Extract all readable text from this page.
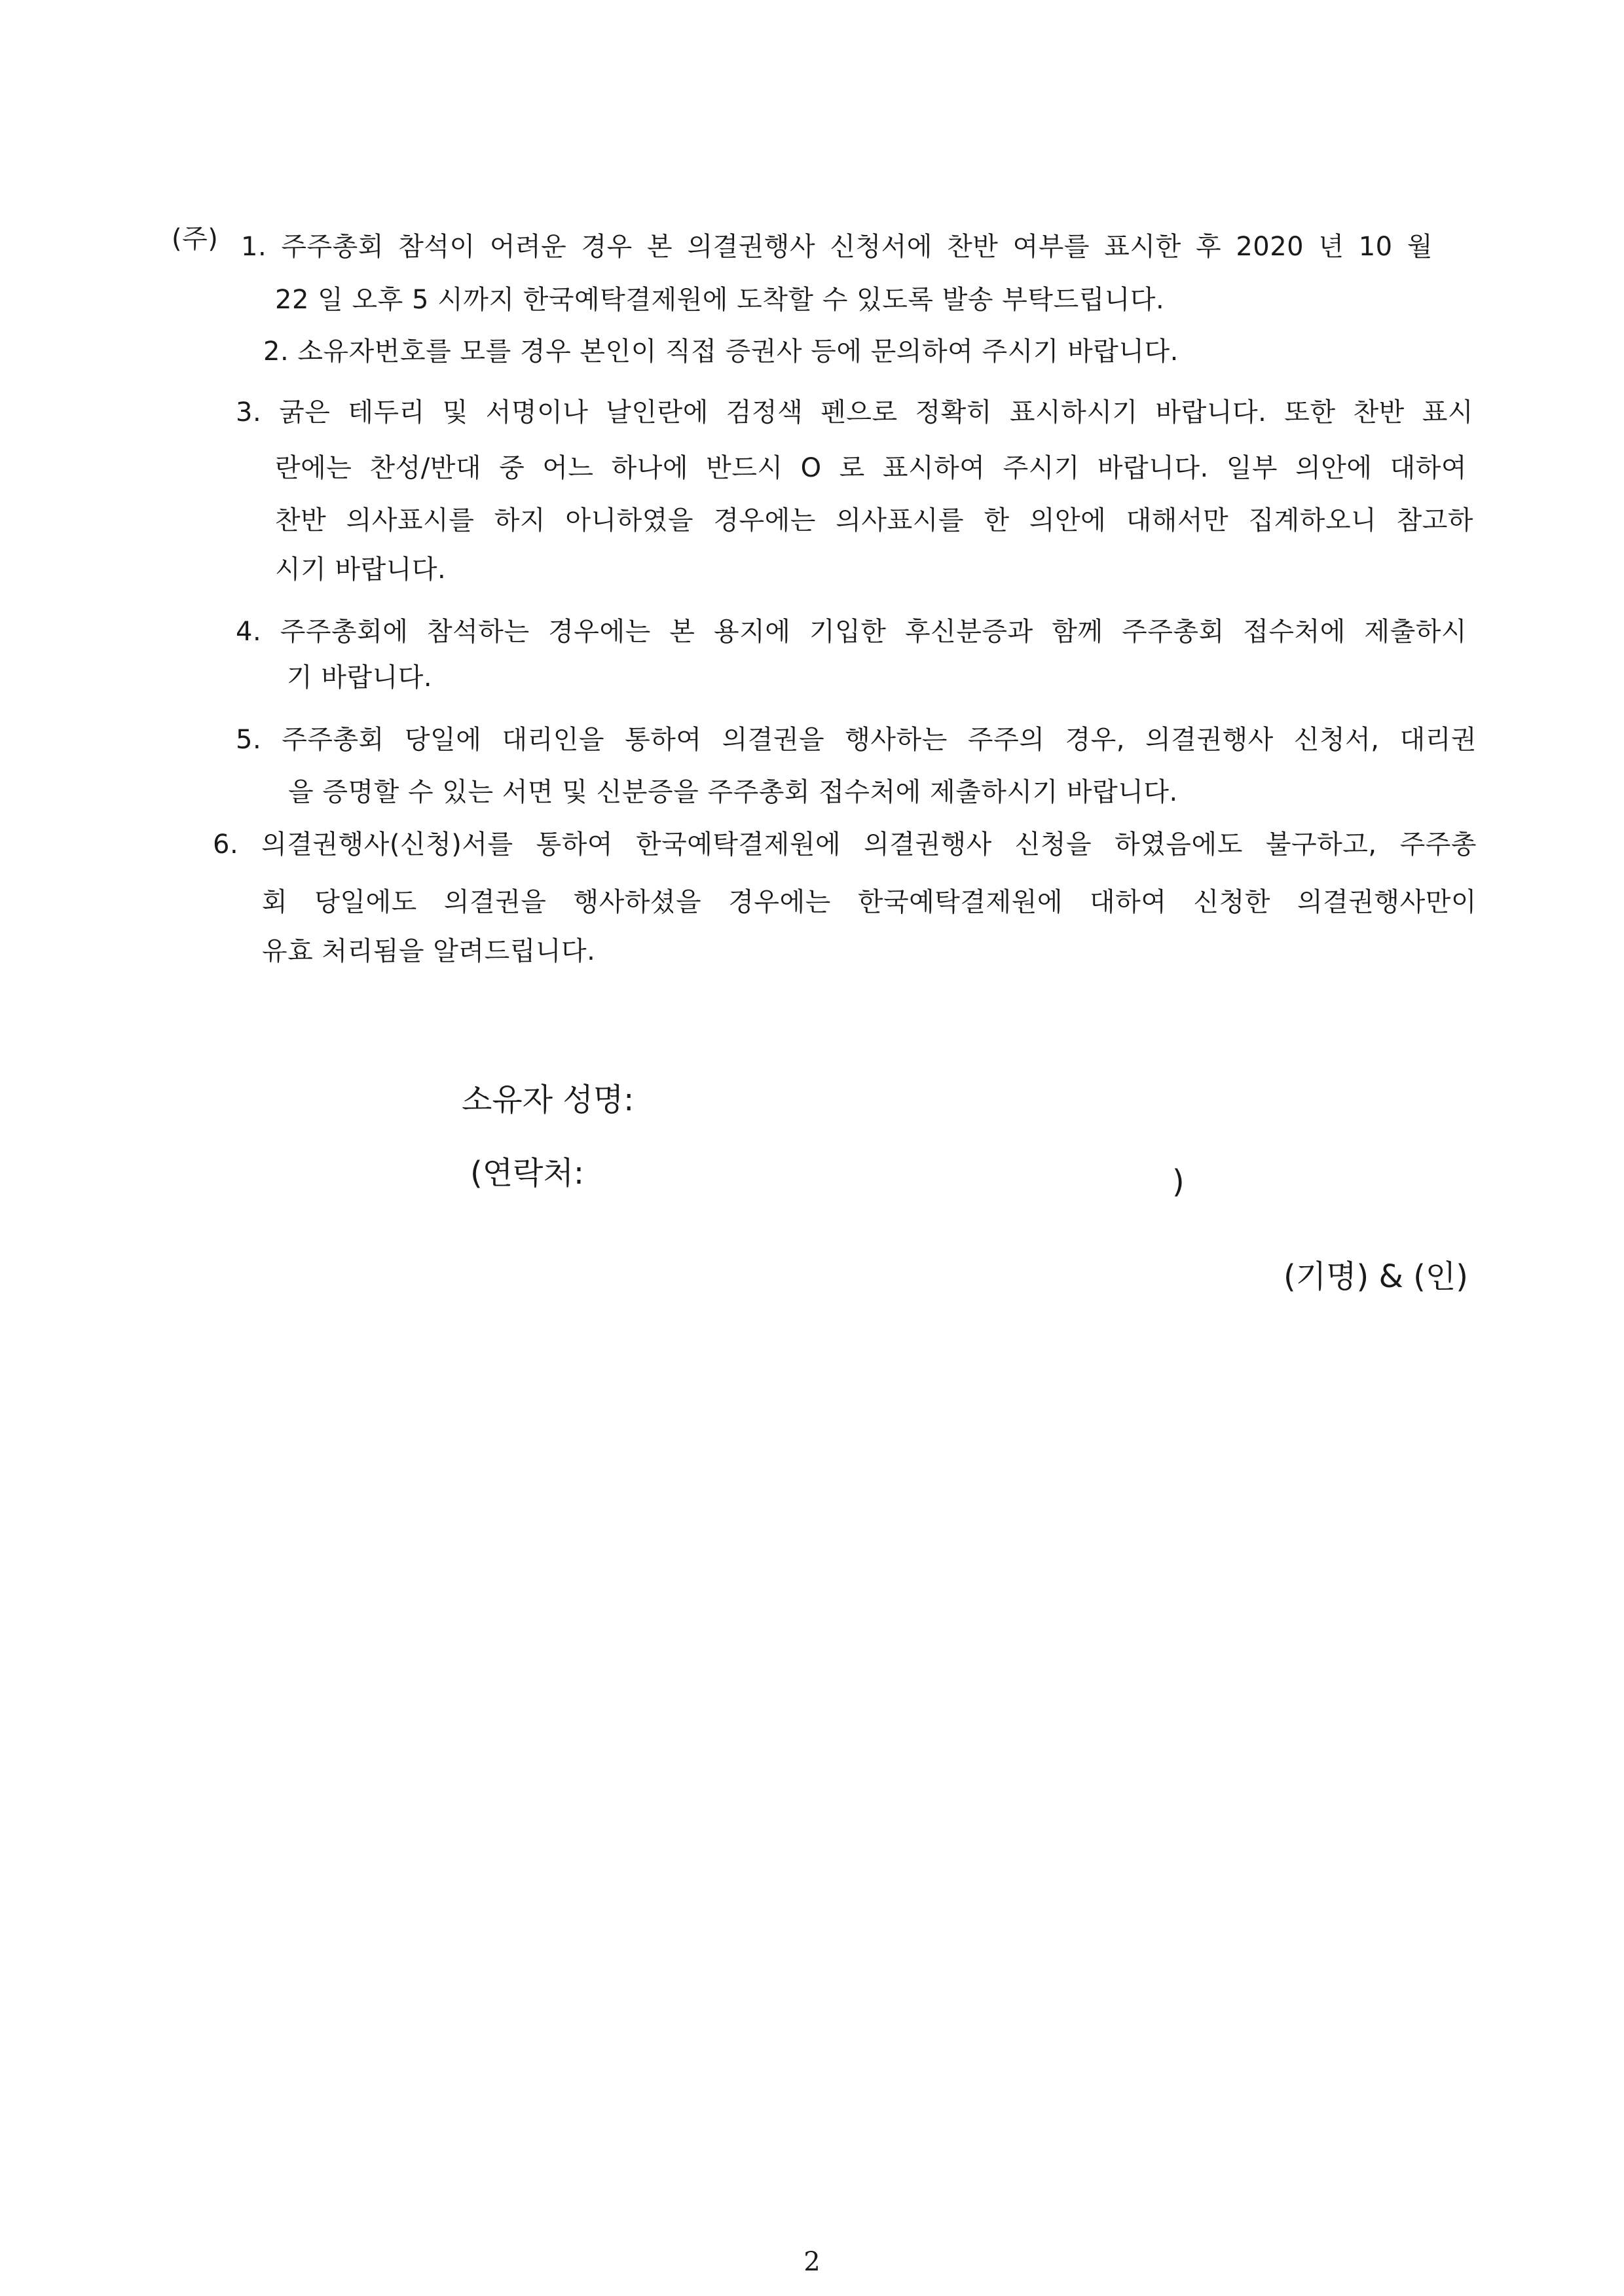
(주) 1. 주주총회 참석이 어려운 경우 본 의결권행사 신청서에 찬반 여부를 표시한 후 2020 년 10 월
22 일 오후 5 시까지 한국예탁결제원에 도착할 수 있도록 발송 부탁드립니다.
2. 소유자번호를 모를 경우 본인이 직접 증권사 등에 문의하여 주시기 바랍니다.
3. 굵은 테두리 및 서명이나 날인란에 검정색 펜으로 정확히 표시하시기 바랍니다. 또한 찬반 표시
란에는 찬성/반대 중 어느 하나에 반드시 O 로 표시하여 주시기 바랍니다. 일부 의안에 대하여
찬반 의사표시를 하지 아니하였을 경우에는 의사표시를 한 의안에 대해서만 집계하오니 참고하
시기 바랍니다.
4. 주주총회에 참석하는 경우에는 본 용지에 기입한 후신분증과 함께 주주총회 접수처에 제출하시
기 바랍니다.
5. 주주총회 당일에 대리인을 통하여 의결권을 행사하는 주주의 경우, 의결권행사 신청서, 대리권
을 증명할 수 있는 서면 및 신분증을 주주총회 접수처에 제출하시기 바랍니다.
6. 의결권행사(신청)서를 통하여 한국예탁결제원에 의결권행사 신청을 하였음에도 불구하고, 주주총
회 당일에도 의결권을 행사하셨을 경우에는 한국예탁결제원에 대하여 신청한 의결권행사만이
유효 처리됨을 알려드립니다.
소유자 성명:
(연락처:	)
(기명) & (인)
2
